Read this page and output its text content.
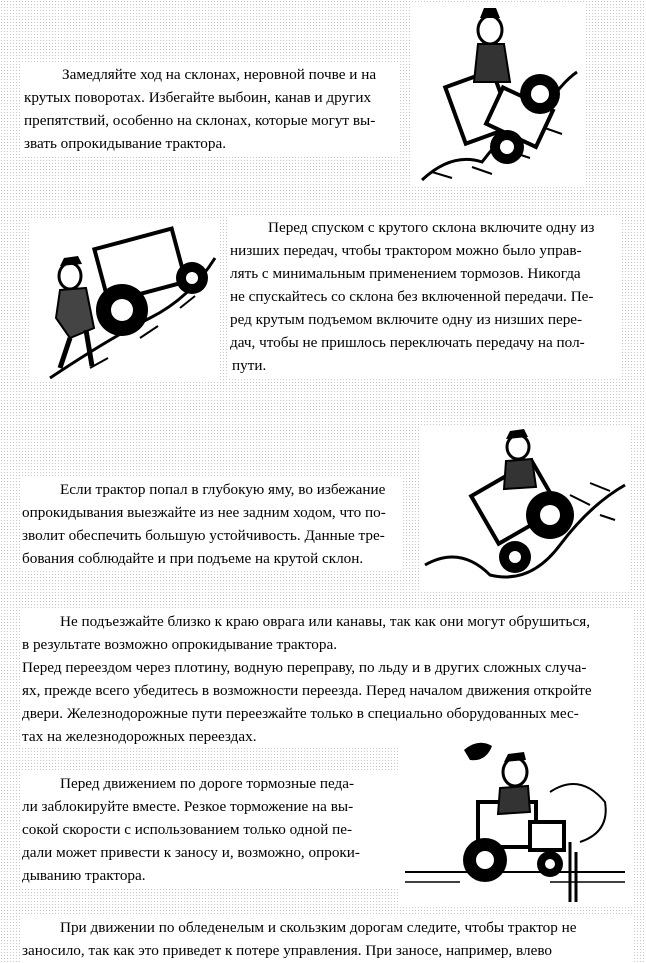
Замедляйте ход на склонах, неровной почве и на
крутых поворотах. Избегайте выбоин, канав и других
препятствий, особенно на склонах, которые могут вы-
звать опрокидывание трактора.
Перед спуском с крутого склона включите одну из
низших передач, чтобы трактором можно было управ-
лять с минимальным применением тормозов. Никогда
не спускайтесь со склона без включенной передачи. Пе-
ред крутым подъемом включите одну из низших пере-
дач, чтобы не пришлось переключать передачу на пол-
пути.
Если трактор попал в глубокую яму, во избежание
опрокидывания выезжайте из нее задним ходом, что по-
зволит обеспечить большую устойчивость. Данные тре-
бования соблюдайте и при подъеме на крутой склон.
Не подъезжайте близко к краю оврага или канавы, так как они могут обрушиться,
в результате возможно опрокидывание трактора.
Перед переездом через плотину, водную переправу, по льду и в других сложных случа-
ях, прежде всего убедитесь в возможности переезда. Перед началом движения откройте
двери. Железнодорожные пути переезжайте только в специально оборудованных мес-
тах на железнодорожных переездах.
Перед движением по дороге тормозные педа-
ли заблокируйте вместе. Резкое торможение на вы-
сокой скорости с использованием только одной пе-
дали может привести к заносу и, возможно, опроки-
дыванию трактора.
При движении по обледенелым и скользким дорогам следите, чтобы трактор не
заносило, так как это приведет к потере управления. При заносе, например, влево
